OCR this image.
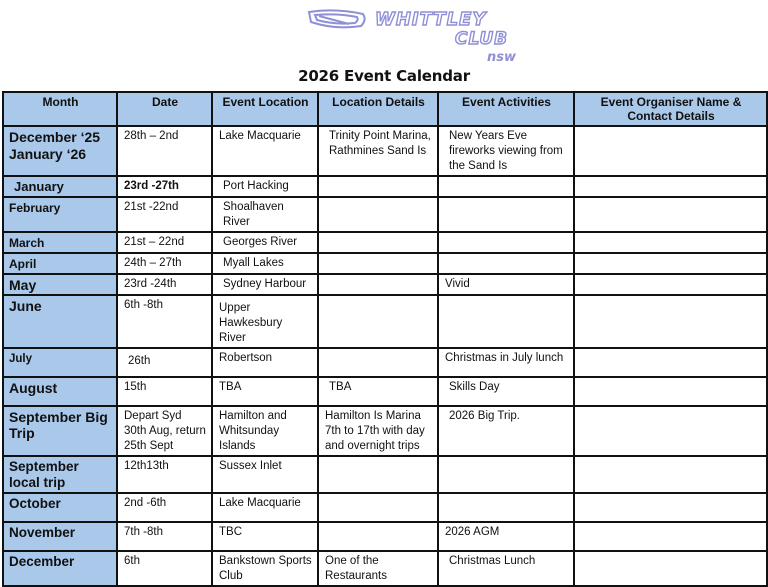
WHITTLEY
CLUB
nsw
2026 Event Calendar
Month	Date	Event Location	Location Details	Event Activities	Event Organiser Name & Contact Details
December ‘25 January ‘26	28th – 2nd	Lake Macquarie	Trinity Point Marina, Rathmines Sand Is	New Years Eve fireworks viewing from the Sand Is	
January	23rd -27th	Port Hacking			
February	21st -22nd	Shoalhaven River			
March	21st – 22nd	Georges River			
April	24th – 27th	Myall Lakes			
May	23rd -24th	Sydney Harbour		Vivid	
June	6th -8th	Upper Hawkesbury River			
July	26th	Robertson		Christmas in July lunch	
August	15th	TBA	TBA	Skills Day	
September Big Trip	Depart Syd 30th Aug, return 25th Sept	Hamilton and Whitsunday Islands	Hamilton Is Marina 7th to 17th with day and overnight trips	2026 Big Trip.	
September local trip	12th13th	Sussex Inlet			
October	2nd -6th	Lake Macquarie			
November	7th -8th	TBC		2026 AGM	
December	6th	Bankstown Sports Club	One of the Restaurants	Christmas Lunch	
